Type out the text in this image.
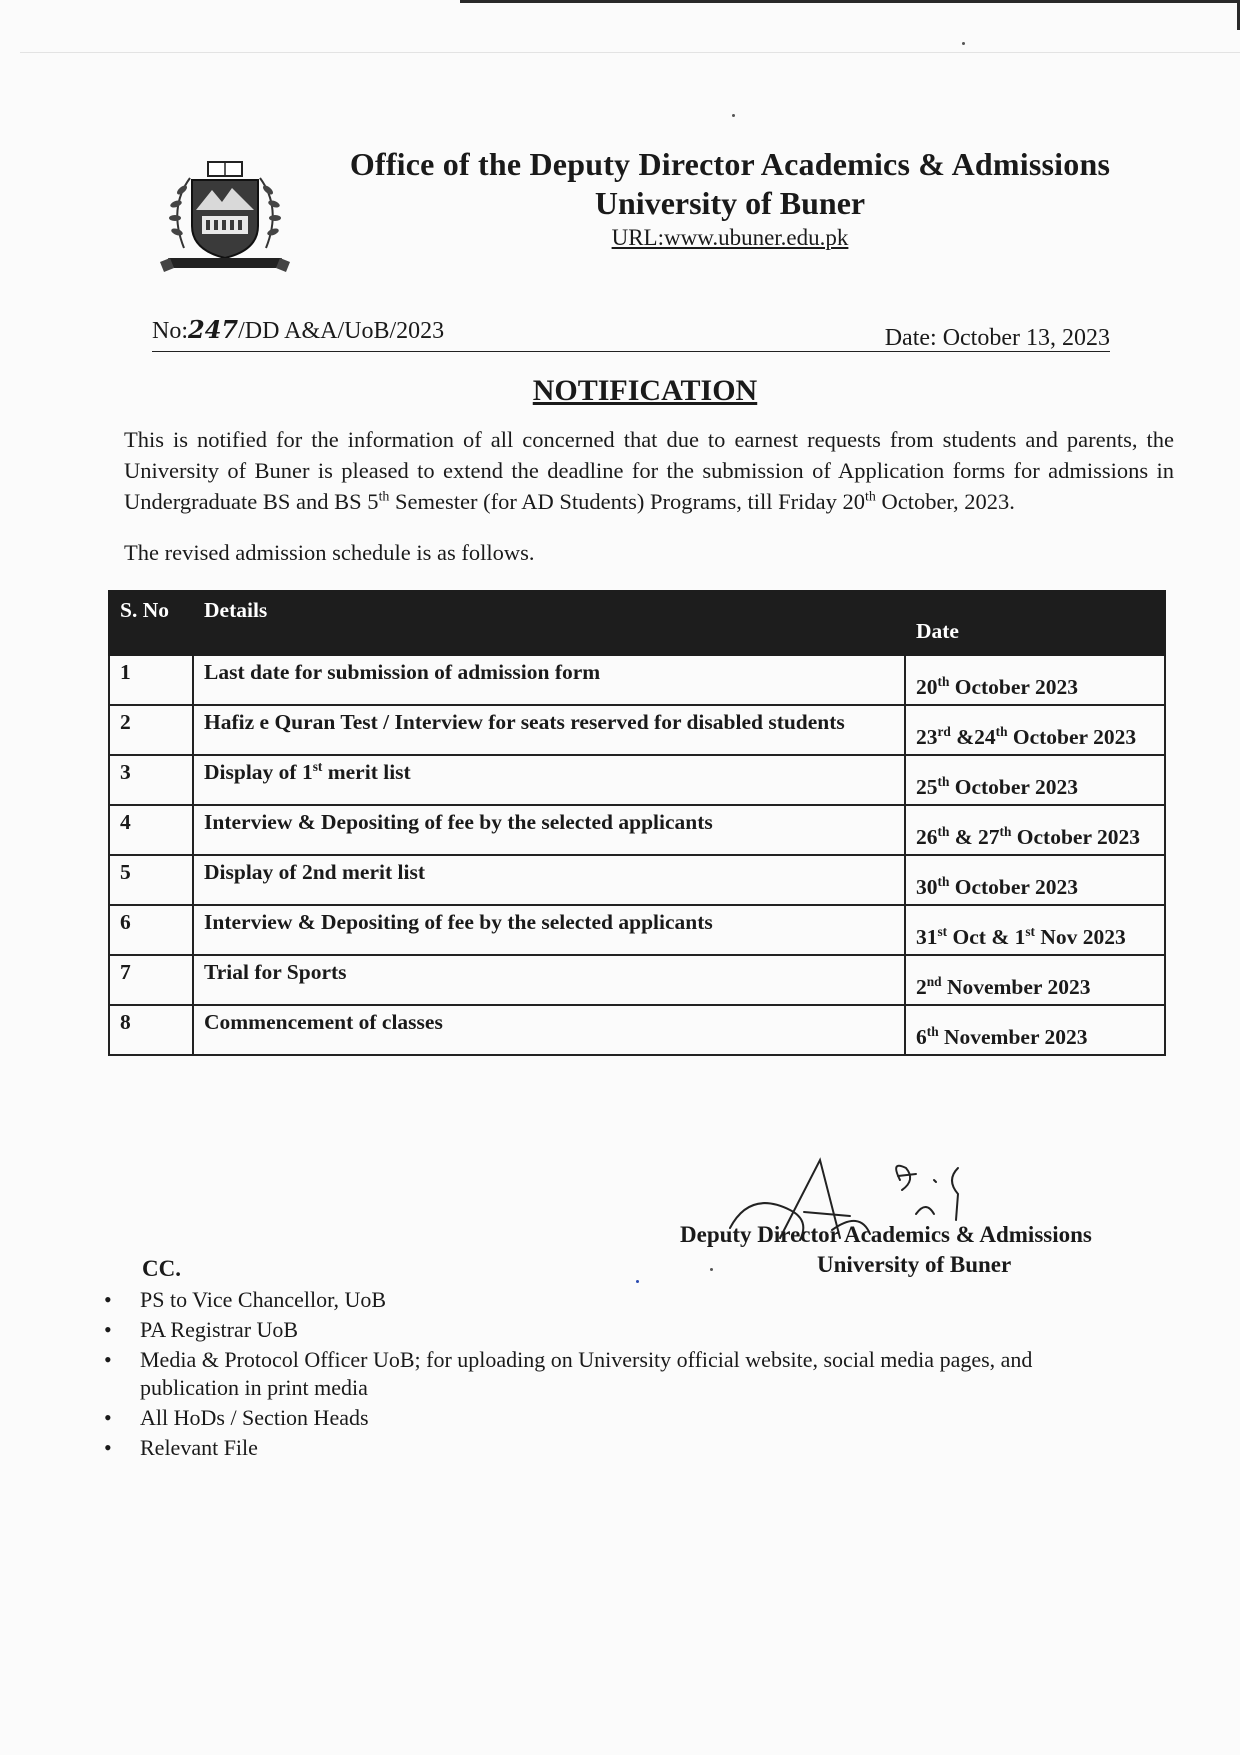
Office of the Deputy Director Academics & Admissions
University of Buner
URL:www.ubuner.edu.pk
No:247/DD A&A/UoB/2023	Date: October 13, 2023
NOTIFICATION
This is notified for the information of all concerned that due to earnest requests from students and parents, the University of Buner is pleased to extend the deadline for the submission of Application forms for admissions in Undergraduate BS and BS 5th Semester (for AD Students) Programs, till Friday 20th October, 2023.
The revised admission schedule is as follows.
S. No	Details	Date
1	Last date for submission of admission form	20th October 2023
2	Hafiz e Quran Test / Interview for seats reserved for disabled students	23rd &24th October 2023
3	Display of 1st merit list	25th October 2023
4	Interview & Depositing of fee by the selected applicants	26th & 27th October 2023
5	Display of 2nd merit list	30th October 2023
6	Interview & Depositing of fee by the selected applicants	31st Oct & 1st Nov 2023
7	Trial for Sports	2nd November 2023
8	Commencement of classes	6th November 2023
Deputy Director Academics & Admissions
University of Buner
CC.
• PS to Vice Chancellor, UoB
• PA Registrar UoB
• Media & Protocol Officer UoB; for uploading on University official website, social media pages, and publication in print media
• All HoDs / Section Heads
• Relevant File
